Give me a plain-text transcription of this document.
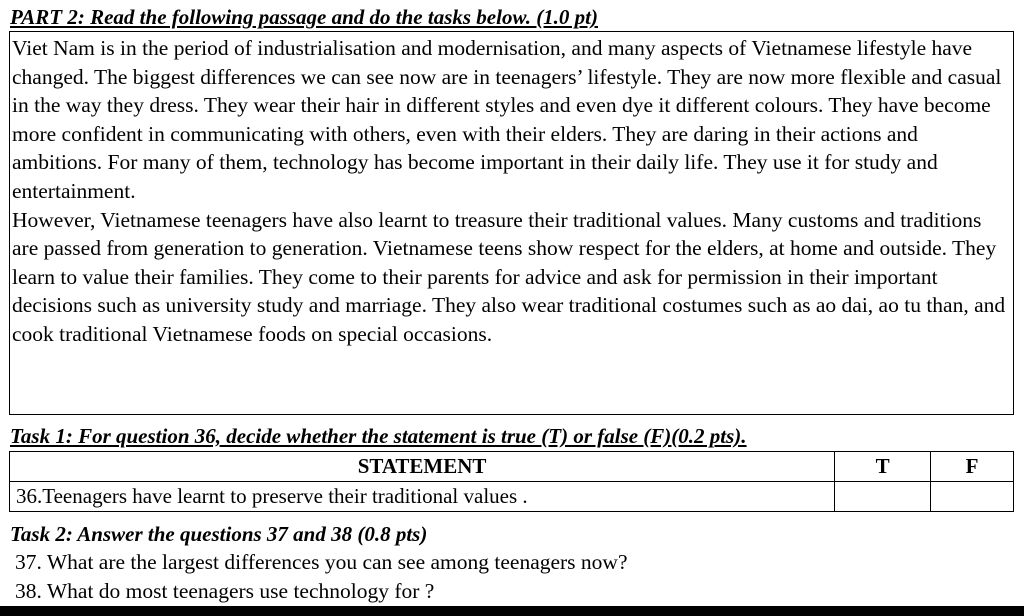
PART 2: Read the following passage and do the tasks below. (1.0 pt)

Viet Nam is in the period of industrialisation and modernisation, and many aspects of Vietnamese lifestyle have changed. The biggest differences we can see now are in teenagers’ lifestyle. They are now more flexible and casual in the way they dress. They wear their hair in different styles and even dye it different colours. They have become more confident in communicating with others, even with their elders. They are daring in their actions and ambitions. For many of them, technology has become important in their daily life. They use it for study and entertainment.

However, Vietnamese teenagers have also learnt to treasure their traditional values. Many customs and traditions are passed from generation to generation. Vietnamese teens show respect for the elders, at home and outside. They learn to value their families. They come to their parents for advice and ask for permission in their important decisions such as university study and marriage. They also wear traditional costumes such as ao dai, ao tu than, and cook traditional Vietnamese foods on special occasions.

Task 1: For question 36, decide whether the statement is true (T) or false (F)(0.2 pts).
STATEMENT	T	F
36.Teenagers have learnt to preserve their traditional values .		
Task 2: Answer the questions 37 and 38 (0.8 pts)
37. What are the largest differences you can see among teenagers now?
38. What do most teenagers use technology for ?
